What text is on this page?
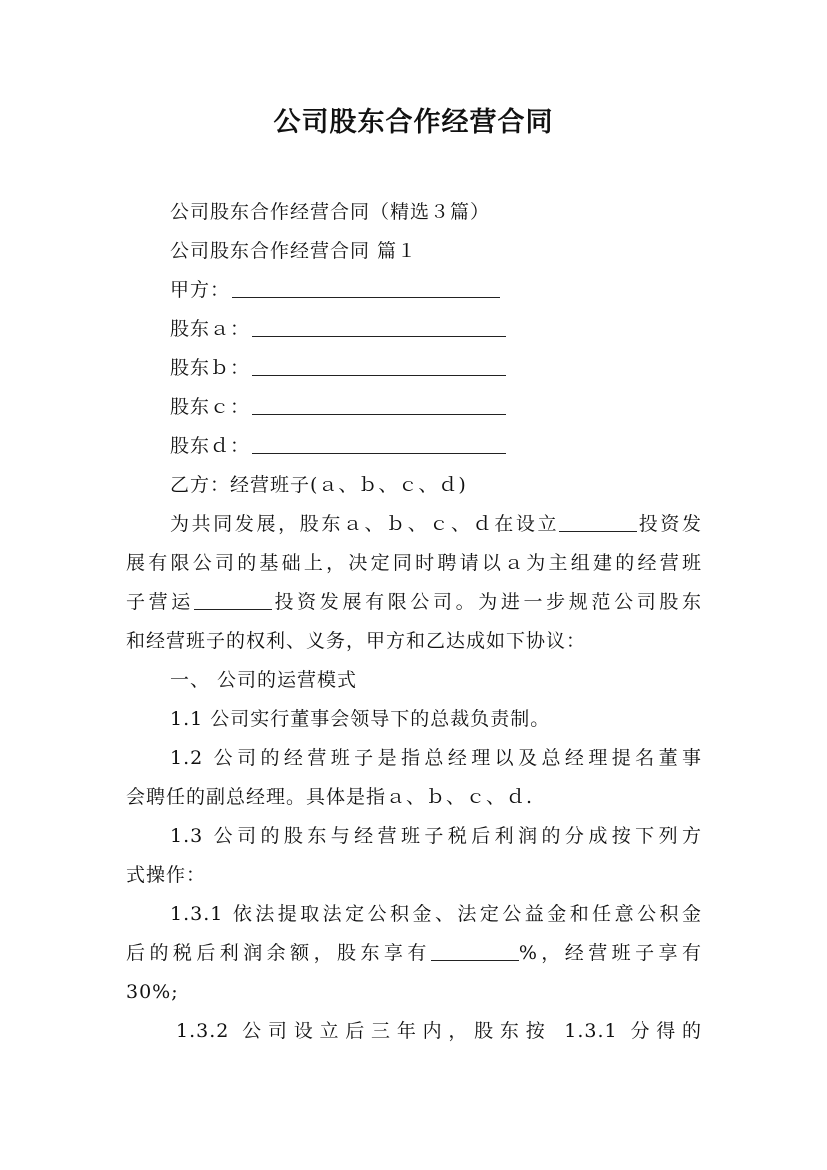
公司股东合作经营合同
公司股东合作经营合同（精选３篇）
公司股东合作经营合同 篇１
甲方：
股东ａ：
股东ｂ：
股东ｃ：
股东ｄ：
乙方：经营班子(ａ、ｂ、ｃ、ｄ)
为共同发展，股东ａ、ｂ、ｃ、ｄ在设立	投资发
展有限公司的基础上，决定同时聘请以ａ为主组建的经营班
子营运	投资发展有限公司。为进一步规范公司股东
和经营班子的权利、义务，甲方和乙达成如下协议：
一、 公司的运营模式
1.1 公司实行董事会领导下的总裁负责制。
1.2 公司的经营班子是指总经理以及总经理提名董事
会聘任的副总经理。具体是指ａ、ｂ、ｃ、ｄ.
1.3 公司的股东与经营班子税后利润的分成按下列方
式操作：
1.3.1 依法提取法定公积金、法定公益金和任意公积金
后的税后利润余额，股东享有	%，经营班子享有
30%;
1.3.2 公司设立后三年内，股东按 1.3.1 分得的
